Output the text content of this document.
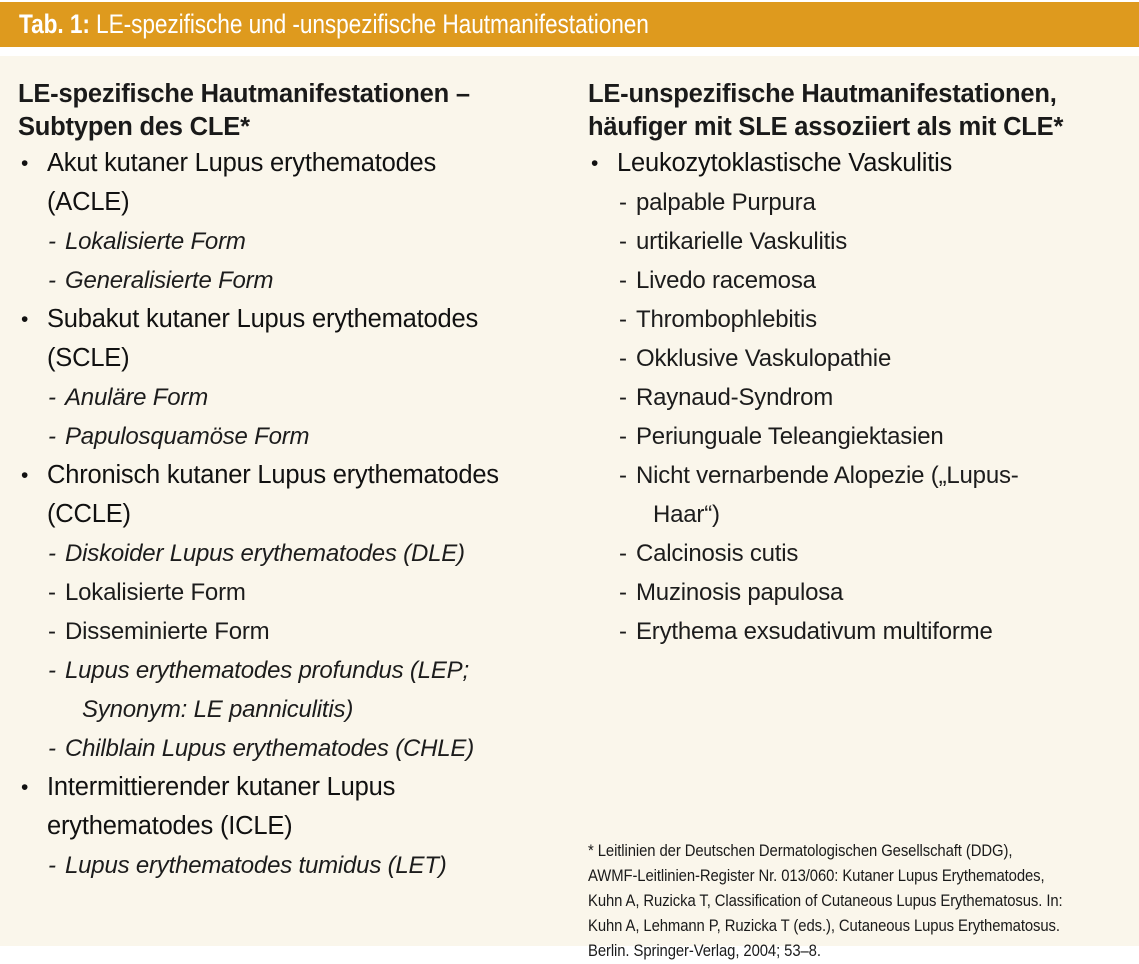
Tab. 1: LE-spezifische und -unspezifische Hautmanifestationen
LE-spezifische Hautmanifestationen –
Subtypen des CLE*
• Akut kutaner Lupus erythematodes
(ACLE)
- Lokalisierte Form
- Generalisierte Form
• Subakut kutaner Lupus erythematodes
(SCLE)
- Anuläre Form
- Papulosquamöse Form
• Chronisch kutaner Lupus erythematodes
(CCLE)
- Diskoider Lupus erythematodes (DLE)
- Lokalisierte Form
- Disseminierte Form
- Lupus erythematodes profundus (LEP;
Synonym: LE panniculitis)
- Chilblain Lupus erythematodes (CHLE)
• Intermittierender kutaner Lupus
erythematodes (ICLE)
- Lupus erythematodes tumidus (LET)
LE-unspezifische Hautmanifestationen,
häufiger mit SLE assoziiert als mit CLE*
• Leukozytoklastische Vaskulitis
- palpable Purpura
- urtikarielle Vaskulitis
- Livedo racemosa
- Thrombophlebitis
- Okklusive Vaskulopathie
- Raynaud-Syndrom
- Periunguale Teleangiektasien
- Nicht vernarbende Alopezie („Lupus-
Haar“)
- Calcinosis cutis
- Muzinosis papulosa
- Erythema exsudativum multiforme
* Leitlinien der Deutschen Dermatologischen Gesellschaft (DDG),
AWMF-Leitlinien-Register Nr. 013/060: Kutaner Lupus Erythematodes,
Kuhn A, Ruzicka T, Classification of Cutaneous Lupus Erythematosus. In:
Kuhn A, Lehmann P, Ruzicka T (eds.), Cutaneous Lupus Erythematosus.
Berlin. Springer-Verlag, 2004; 53–8.
